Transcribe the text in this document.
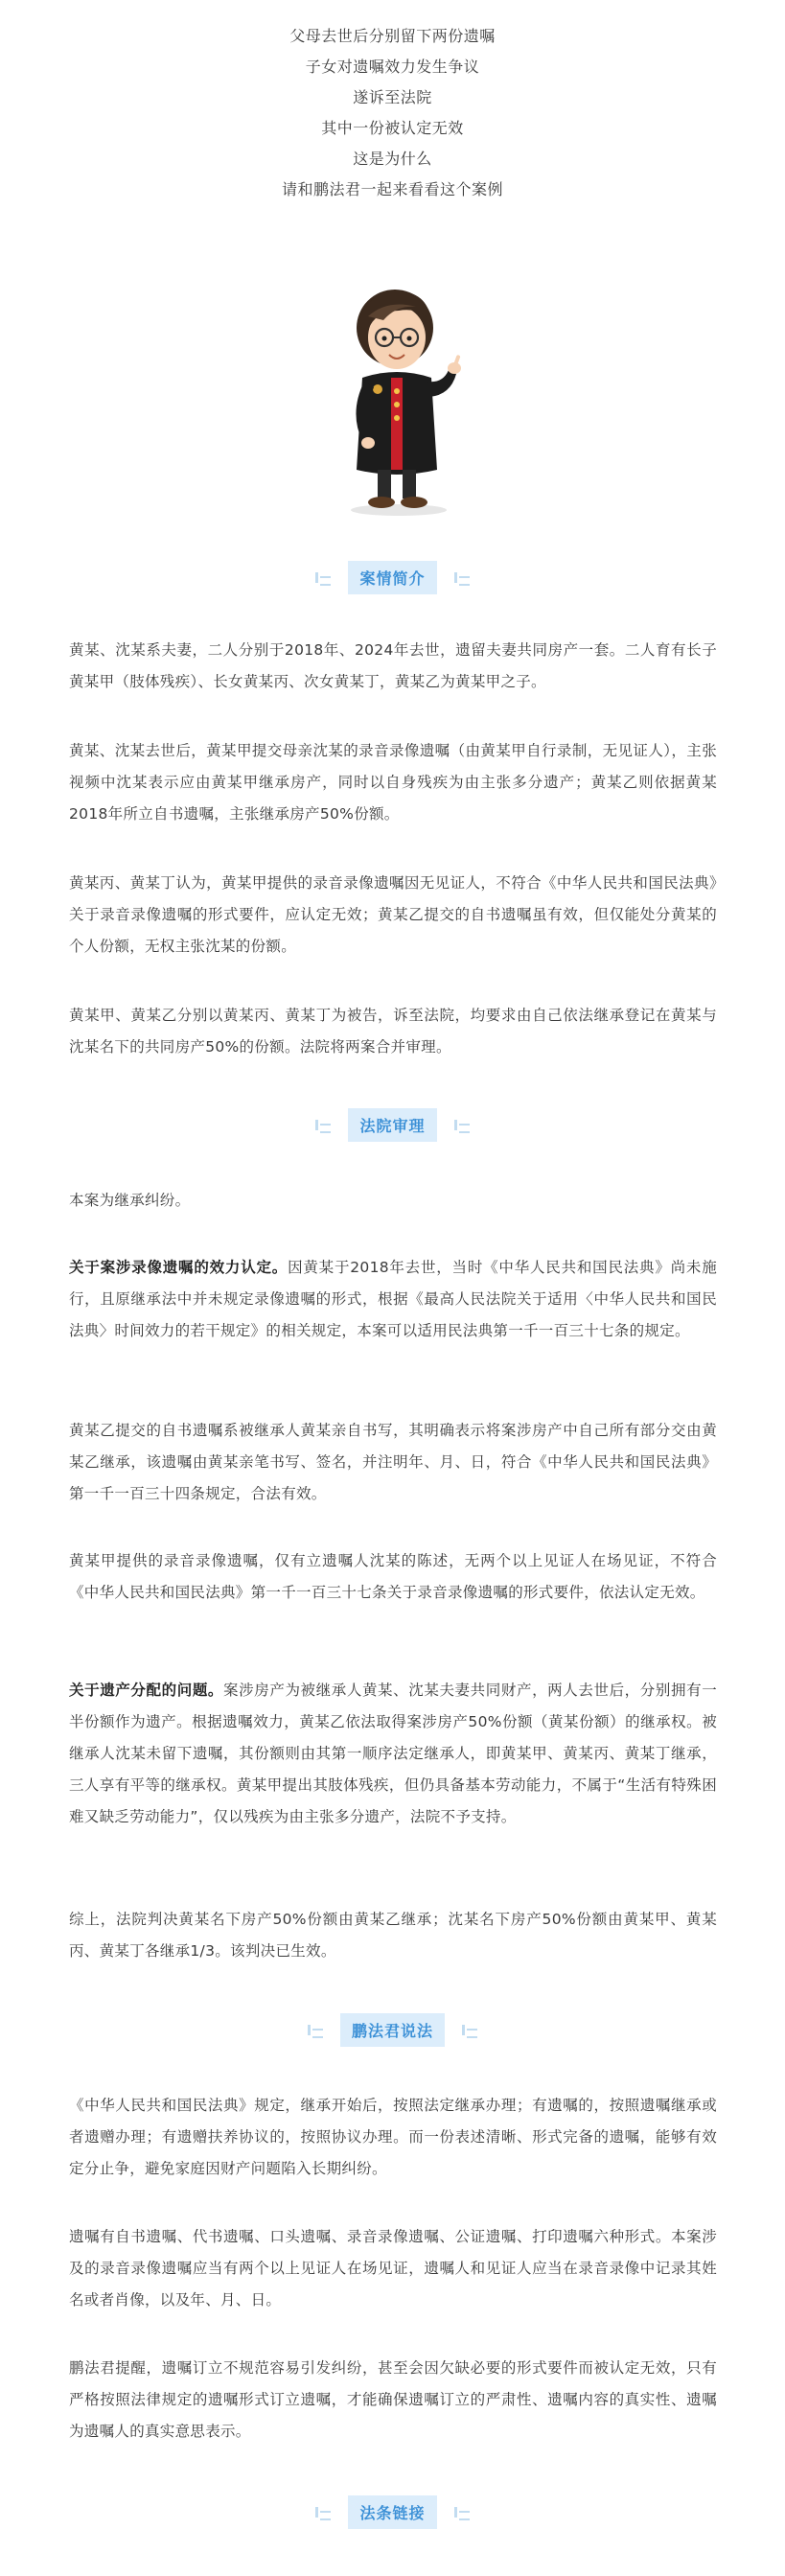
父母去世后分别留下两份遗嘱
子女对遗嘱效力发生争议
遂诉至法院
其中一份被认定无效
这是为什么
请和鹏法君一起来看看这个案例
案情简介
黄某、沈某系夫妻，二人分别于2018年、2024年去世，遗留夫妻共同房产一套。二人育有长子黄某甲（肢体残疾）、长女黄某丙、次女黄某丁，黄某乙为黄某甲之子。
黄某、沈某去世后，黄某甲提交母亲沈某的录音录像遗嘱（由黄某甲自行录制，无见证人），主张视频中沈某表示应由黄某甲继承房产，同时以自身残疾为由主张多分遗产；黄某乙则依据黄某2018年所立自书遗嘱，主张继承房产50%份额。
黄某丙、黄某丁认为，黄某甲提供的录音录像遗嘱因无见证人，不符合《中华人民共和国民法典》关于录音录像遗嘱的形式要件，应认定无效；黄某乙提交的自书遗嘱虽有效，但仅能处分黄某的个人份额，无权主张沈某的份额。
黄某甲、黄某乙分别以黄某丙、黄某丁为被告，诉至法院，均要求由自己依法继承登记在黄某与沈某名下的共同房产50%的份额。法院将两案合并审理。
法院审理
本案为继承纠纷。
关于案涉录像遗嘱的效力认定。因黄某于2018年去世，当时《中华人民共和国民法典》尚未施行，且原继承法中并未规定录像遗嘱的形式，根据《最高人民法院关于适用〈中华人民共和国民法典〉时间效力的若干规定》的相关规定，本案可以适用民法典第一千一百三十七条的规定。
黄某乙提交的自书遗嘱系被继承人黄某亲自书写，其明确表示将案涉房产中自己所有部分交由黄某乙继承，该遗嘱由黄某亲笔书写、签名，并注明年、月、日，符合《中华人民共和国民法典》第一千一百三十四条规定，合法有效。
黄某甲提供的录音录像遗嘱，仅有立遗嘱人沈某的陈述，无两个以上见证人在场见证，不符合《中华人民共和国民法典》第一千一百三十七条关于录音录像遗嘱的形式要件，依法认定无效。
关于遗产分配的问题。案涉房产为被继承人黄某、沈某夫妻共同财产，两人去世后，分别拥有一半份额作为遗产。根据遗嘱效力，黄某乙依法取得案涉房产50%份额（黄某份额）的继承权。被继承人沈某未留下遗嘱，其份额则由其第一顺序法定继承人，即黄某甲、黄某丙、黄某丁继承，三人享有平等的继承权。黄某甲提出其肢体残疾，但仍具备基本劳动能力，不属于“生活有特殊困难又缺乏劳动能力”，仅以残疾为由主张多分遗产，法院不予支持。
综上，法院判决黄某名下房产50%份额由黄某乙继承；沈某名下房产50%份额由黄某甲、黄某丙、黄某丁各继承1/3。该判决已生效。
鹏法君说法
《中华人民共和国民法典》规定，继承开始后，按照法定继承办理；有遗嘱的，按照遗嘱继承或者遗赠办理；有遗赠扶养协议的，按照协议办理。而一份表述清晰、形式完备的遗嘱，能够有效定分止争，避免家庭因财产问题陷入长期纠纷。
遗嘱有自书遗嘱、代书遗嘱、口头遗嘱、录音录像遗嘱、公证遗嘱、打印遗嘱六种形式。本案涉及的录音录像遗嘱应当有两个以上见证人在场见证，遗嘱人和见证人应当在录音录像中记录其姓名或者肖像，以及年、月、日。
鹏法君提醒，遗嘱订立不规范容易引发纠纷，甚至会因欠缺必要的形式要件而被认定无效，只有严格按照法律规定的遗嘱形式订立遗嘱，才能确保遗嘱订立的严肃性、遗嘱内容的真实性、遗嘱为遗嘱人的真实意思表示。
法条链接
